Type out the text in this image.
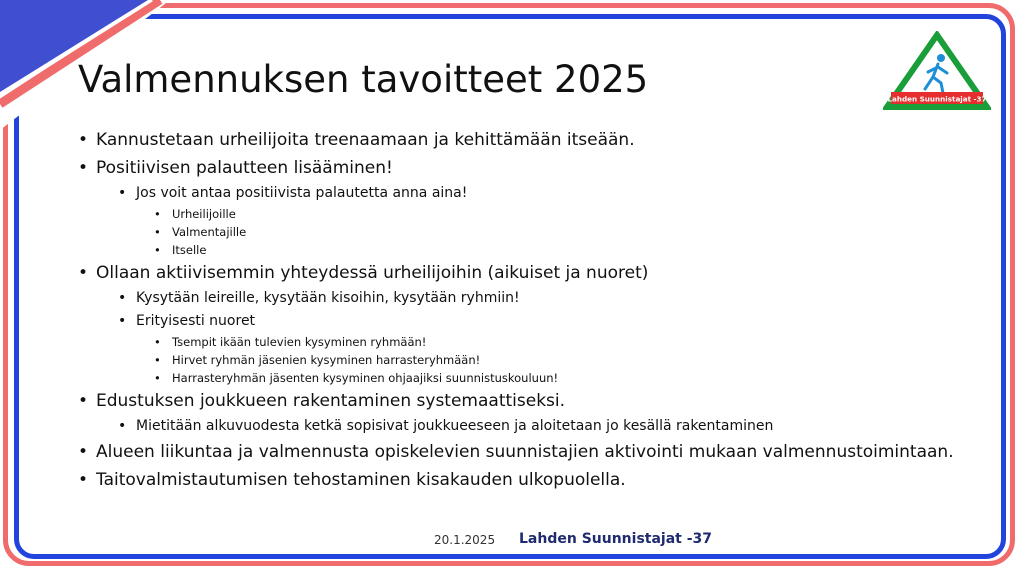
Lahden Suunnistajat -37
Valmennuksen tavoitteet 2025
• Kannustetaan urheilijoita treenaamaan ja kehittämään itseään.
• Positiivisen palautteen lisääminen!
• Jos voit antaa positiivista palautetta anna aina!
• Urheilijoille
• Valmentajille
• Itselle
• Ollaan aktiivisemmin yhteydessä urheilijoihin (aikuiset ja nuoret)
• Kysytään leireille, kysytään kisoihin, kysytään ryhmiin!
• Erityisesti nuoret
• Tsempit ikään tulevien kysyminen ryhmään!
• Hirvet ryhmän jäsenien kysyminen harrasteryhmään!
• Harrasteryhmän jäsenten kysyminen ohjaajiksi suunnistuskouluun!
• Edustuksen joukkueen rakentaminen systemaattiseksi.
• Mietitään alkuvuodesta ketkä sopisivat joukkueeseen ja aloitetaan jo kesällä rakentaminen
• Alueen liikuntaa ja valmennusta opiskelevien suunnistajien aktivointi mukaan valmennustoimintaan.
• Taitovalmistautumisen tehostaminen kisakauden ulkopuolella.
20.1.2025 Lahden Suunnistajat -37
